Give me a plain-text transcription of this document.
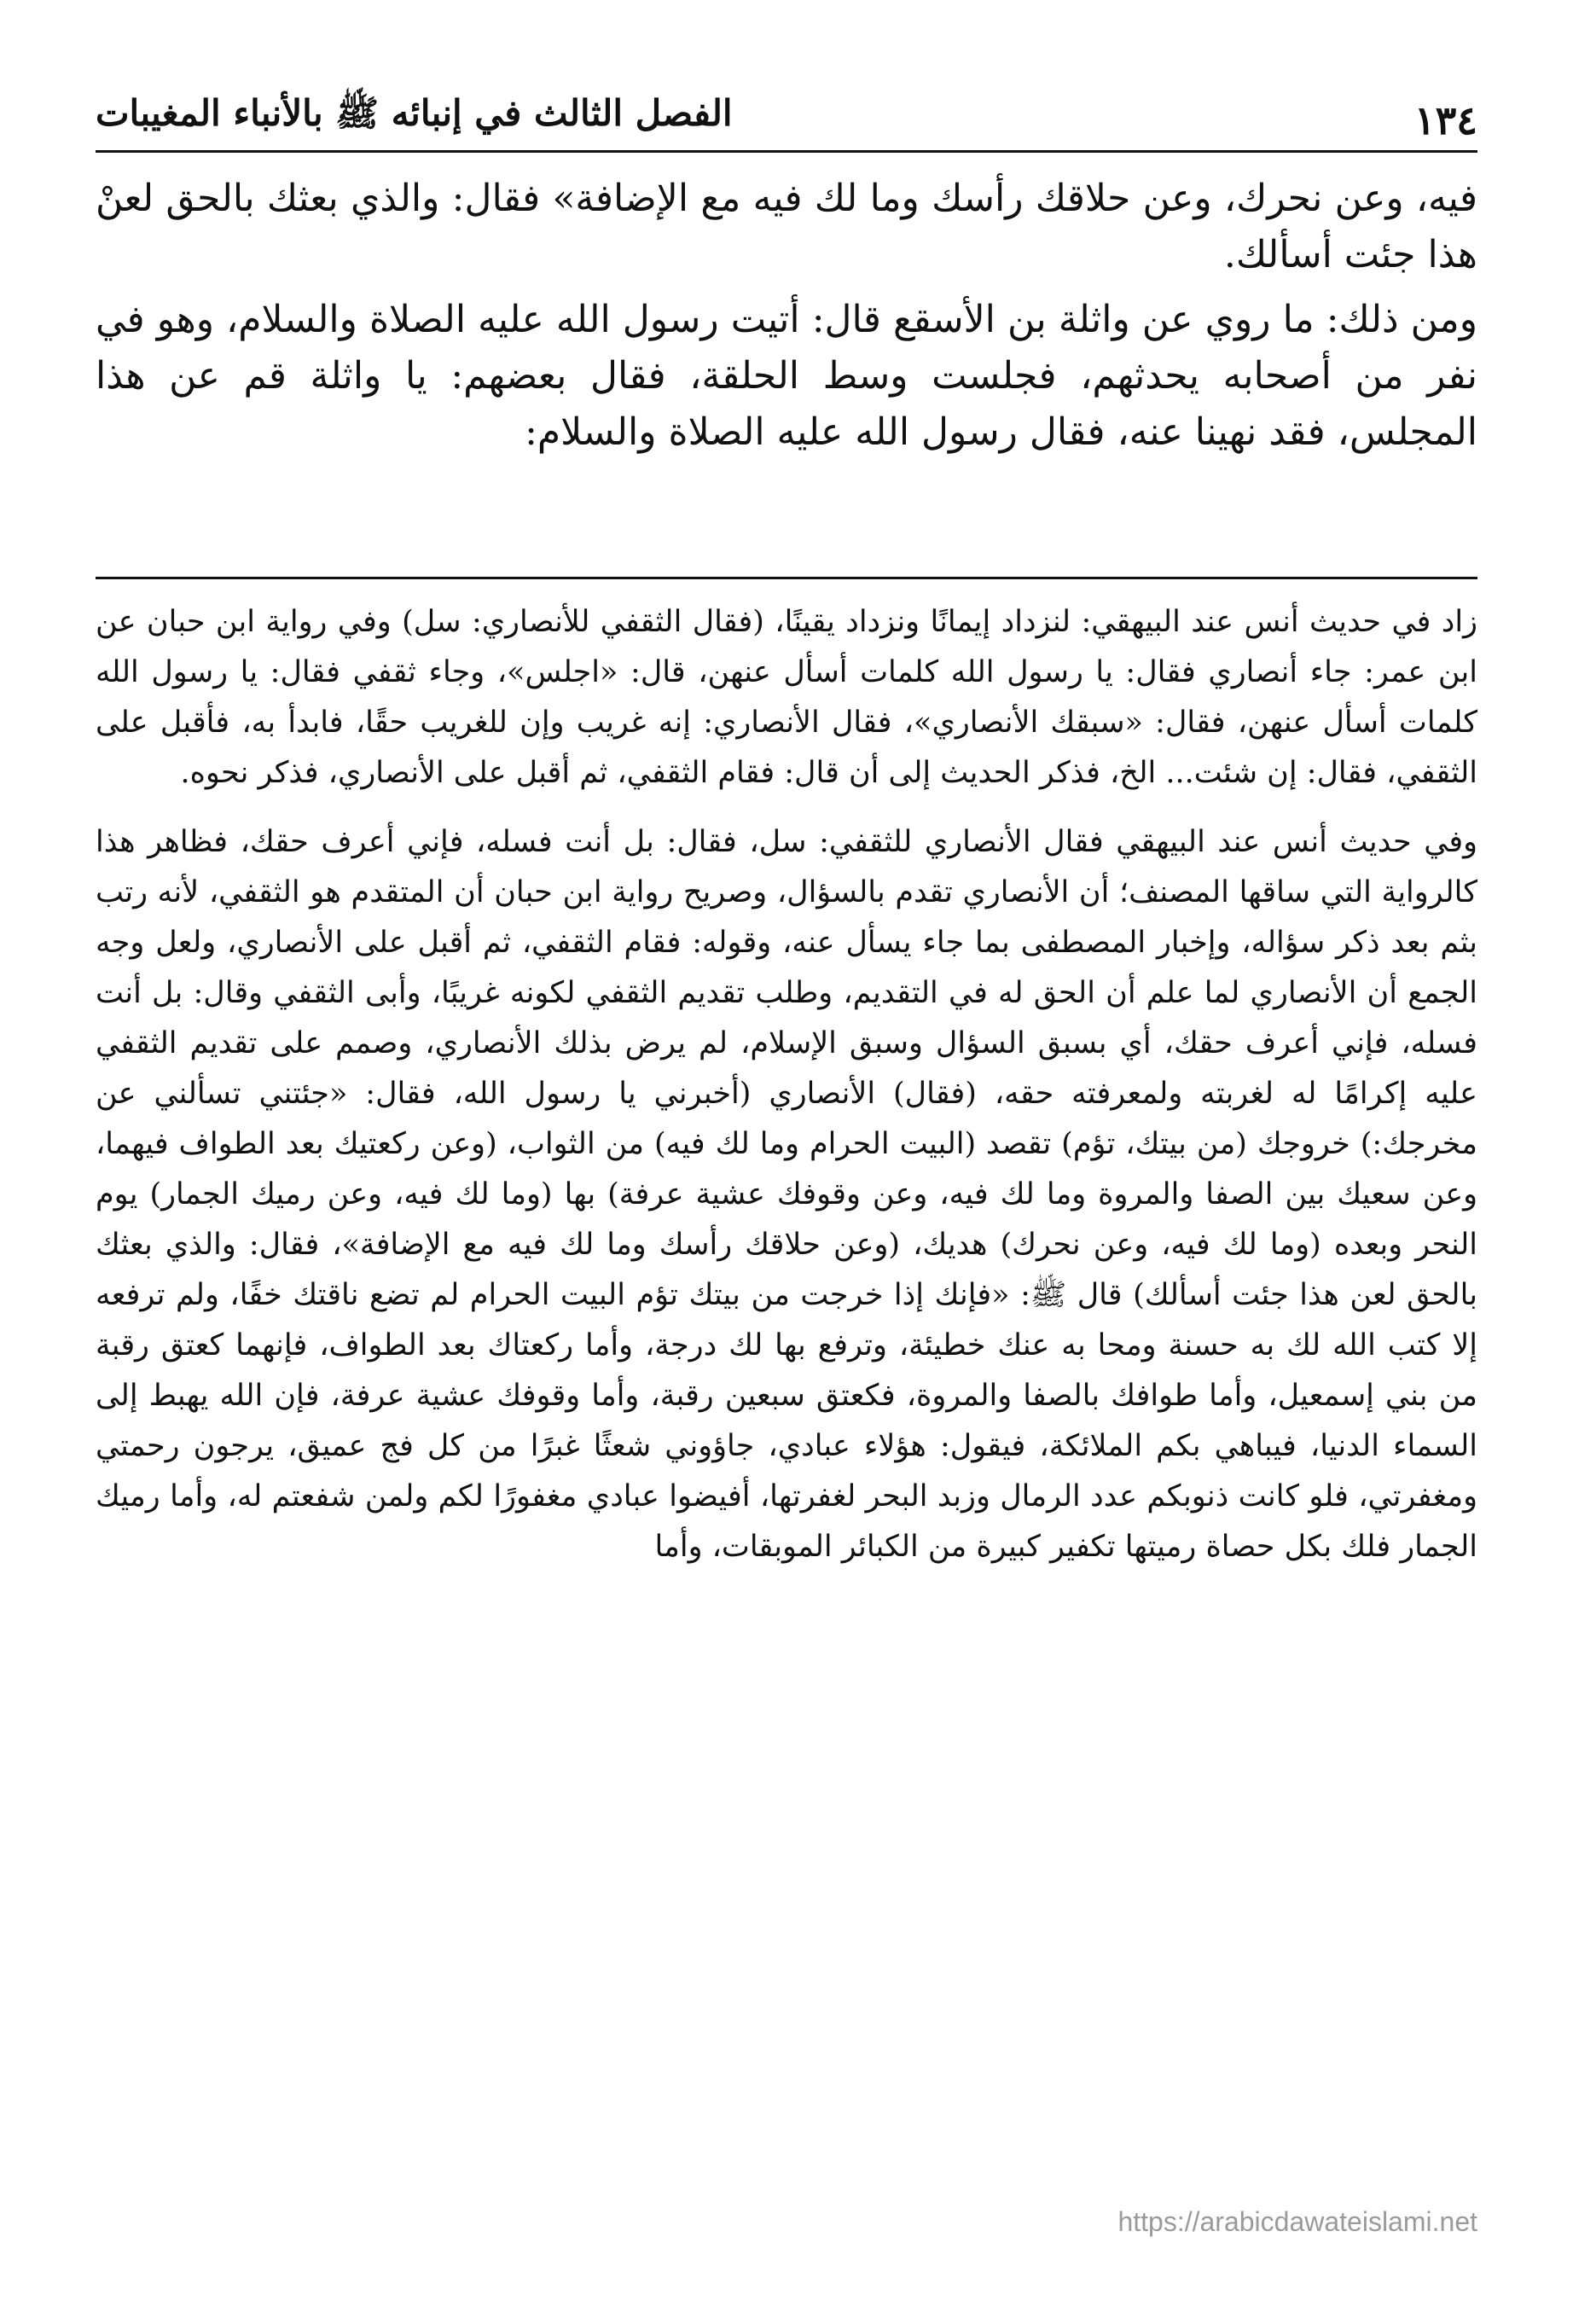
١٣٤
الفصل الثالث في إنبائه ﷺ بالأنباء المغيبات

فيه، وعن نحرك، وعن حلاقك رأسك وما لك فيه مع الإضافة» فقال: والذي بعثك بالحق لعنْ هذا جئت أسألك.

ومن ذلك: ما روي عن واثلة بن الأسقع قال: أتيت رسول الله عليه الصلاة والسلام، وهو في نفر من أصحابه يحدثهم، فجلست وسط الحلقة، فقال بعضهم: يا واثلة قم عن هذا المجلس، فقد نهينا عنه، فقال رسول الله عليه الصلاة والسلام:

زاد في حديث أنس عند البيهقي: لنزداد إيمانًا ونزداد يقينًا، (فقال الثقفي للأنصاري: سل) وفي رواية ابن حبان عن ابن عمر: جاء أنصاري فقال: يا رسول الله كلمات أسأل عنهن، قال: «اجلس»، وجاء ثقفي فقال: يا رسول الله كلمات أسأل عنهن، فقال: «سبقك الأنصاري»، فقال الأنصاري: إنه غريب وإن للغريب حقًا، فابدأ به، فأقبل على الثقفي، فقال: إن شئت... الخ، فذكر الحديث إلى أن قال: فقام الثقفي، ثم أقبل على الأنصاري، فذكر نحوه.

وفي حديث أنس عند البيهقي فقال الأنصاري للثقفي: سل، فقال: بل أنت فسله، فإني أعرف حقك، فظاهر هذا كالرواية التي ساقها المصنف؛ أن الأنصاري تقدم بالسؤال، وصريح رواية ابن حبان أن المتقدم هو الثقفي، لأنه رتب بثم بعد ذكر سؤاله، وإخبار المصطفى بما جاء يسأل عنه، وقوله: فقام الثقفي، ثم أقبل على الأنصاري، ولعل وجه الجمع أن الأنصاري لما علم أن الحق له في التقديم، وطلب تقديم الثقفي لكونه غريبًا، وأبى الثقفي وقال: بل أنت فسله، فإني أعرف حقك، أي بسبق السؤال وسبق الإسلام، لم يرض بذلك الأنصاري، وصمم على تقديم الثقفي عليه إكرامًا له لغربته ولمعرفته حقه، (فقال) الأنصاري (أخبرني يا رسول الله، فقال: «جئتني تسألني عن مخرجك:) خروجك (من بيتك، تؤم) تقصد (البيت الحرام وما لك فيه) من الثواب، (وعن ركعتيك بعد الطواف فيهما، وعن سعيك بين الصفا والمروة وما لك فيه، وعن وقوفك عشية عرفة) بها (وما لك فيه، وعن رميك الجمار) يوم النحر وبعده (وما لك فيه، وعن نحرك) هديك، (وعن حلاقك رأسك وما لك فيه مع الإضافة»، فقال: والذي بعثك بالحق لعن هذا جئت أسألك) قال ﷺ: «فإنك إذا خرجت من بيتك تؤم البيت الحرام لم تضع ناقتك خفًا، ولم ترفعه إلا كتب الله لك به حسنة ومحا به عنك خطيئة، وترفع بها لك درجة، وأما ركعتاك بعد الطواف، فإنهما كعتق رقبة من بني إسمعيل، وأما طوافك بالصفا والمروة، فكعتق سبعين رقبة، وأما وقوفك عشية عرفة، فإن الله يهبط إلى السماء الدنيا، فيباهي بكم الملائكة، فيقول: هؤلاء عبادي، جاؤوني شعثًا غبرًا من كل فج عميق، يرجون رحمتي ومغفرتي، فلو كانت ذنوبكم عدد الرمال وزبد البحر لغفرتها، أفيضوا عبادي مغفورًا لكم ولمن شفعتم له، وأما رميك الجمار فلك بكل حصاة رميتها تكفير كبيرة من الكبائر الموبقات، وأما

https://arabicdawateislami.net
